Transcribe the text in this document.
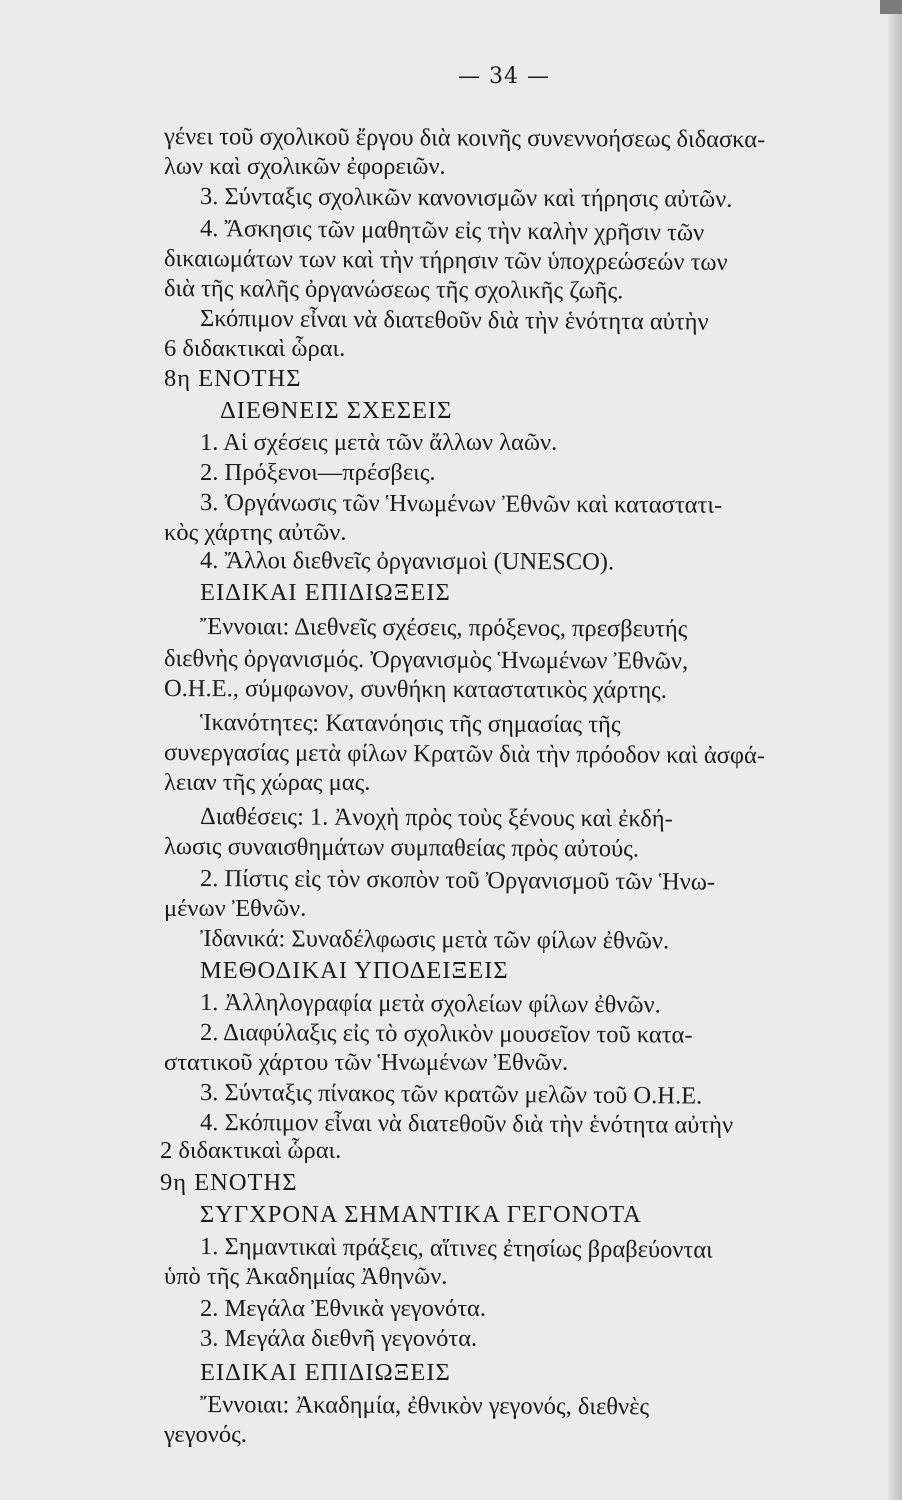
— 34 —
γένει τοῦ σχολικοῦ ἔργου διὰ κοινῆς συνεννοήσεως διδασκα-
λων καὶ σχολικῶν ἐφορειῶν.
3. Σύνταξις σχολικῶν κανονισμῶν καὶ τήρησις αὐτῶν.
4. Ἄσκησις τῶν μαθητῶν εἰς τὴν καλὴν χρῆσιν τῶν
δικαιωμάτων των καὶ τὴν τήρησιν τῶν ὑποχρεώσεών των
διὰ τῆς καλῆς ὀργανώσεως τῆς σχολικῆς ζωῆς.
Σκόπιμον εἶναι νὰ διατεθοῦν διὰ τὴν ἑνότητα αὐτὴν
6 διδακτικαὶ ὧραι.
8η ΕΝΟΤΗΣ
ΔΙΕΘΝΕΙΣ ΣΧΕΣΕΙΣ
1. Αἱ σχέσεις μετὰ τῶν ἄλλων λαῶν.
2. Πρόξενοι—πρέσβεις.
3. Ὀργάνωσις τῶν Ἡνωμένων Ἐθνῶν καὶ καταστατι-
κὸς χάρτης αὐτῶν.
4. Ἄλλοι διεθνεῖς ὀργανισμοὶ (UNESCO).
ΕΙΔΙΚΑΙ ΕΠΙΔΙΩΞΕΙΣ
Ἔννοιαι: Διεθνεῖς σχέσεις, πρόξενος, πρεσβευτής
διεθνὴς ὀργανισμός. Ὀργανισμὸς Ἡνωμένων Ἐθνῶν,
Ο.Η.Ε., σύμφωνον, συνθήκη καταστατικὸς χάρτης.
Ἱκανότητες: Κατανόησις τῆς σημασίας τῆς
συνεργασίας μετὰ φίλων Κρατῶν διὰ τὴν πρόοδον καὶ ἀσφά-
λειαν τῆς χώρας μας.
Διαθέσεις: 1. Ἀνοχὴ πρὸς τοὺς ξένους καὶ ἐκδή-
λωσις συναισθημάτων συμπαθείας πρὸς αὐτούς.
2. Πίστις εἰς τὸν σκοπὸν τοῦ Ὀργανισμοῦ τῶν Ἡνω-
μένων Ἐθνῶν.
Ἰδανικά: Συναδέλφωσις μετὰ τῶν φίλων ἐθνῶν.
ΜΕΘΟΔΙΚΑΙ ΥΠΟΔΕΙΞΕΙΣ
1. Ἀλληλογραφία μετὰ σχολείων φίλων ἐθνῶν.
2. Διαφύλαξις εἰς τὸ σχολικὸν μουσεῖον τοῦ κατα-
στατικοῦ χάρτου τῶν Ἡνωμένων Ἐθνῶν.
3. Σύνταξις πίνακος τῶν κρατῶν μελῶν τοῦ Ο.Η.Ε.
4. Σκόπιμον εἶναι νὰ διατεθοῦν διὰ τὴν ἑνότητα αὐτὴν
2 διδακτικαὶ ὧραι.
9η ΕΝΟΤΗΣ
ΣΥΓΧΡΟΝΑ ΣΗΜΑΝΤΙΚΑ ΓΕΓΟΝΟΤΑ
1. Σημαντικαὶ πράξεις, αἵτινες ἐτησίως βραβεύονται
ὑπὸ τῆς Ἀκαδημίας Ἀθηνῶν.
2. Μεγάλα Ἐθνικὰ γεγονότα.
3. Μεγάλα διεθνῆ γεγονότα.
ΕΙΔΙΚΑΙ ΕΠΙΔΙΩΞΕΙΣ
Ἔννοιαι: Ἀκαδημία, ἐθνικὸν γεγονός, διεθνὲς
γεγονός.
